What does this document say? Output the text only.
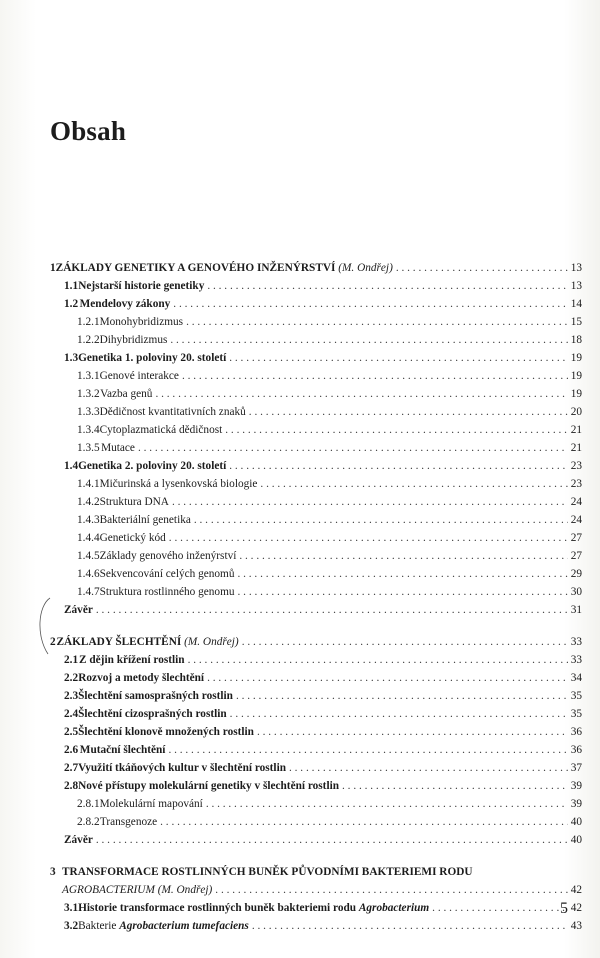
Obsah
1 ZÁKLADY GENETIKY A GENOVÉHO INŽENÝRSTVÍ
(M. Ondřej) . . .	13
1.1 Nejstarší historie genetiky . . .	13
1.2 Mendelovy zákony . . .	14
1.2.1 Monohybridizmus . . .	15
1.2.2 Dihybridizmus . . .	18
1.3 Genetika 1. poloviny 20. století . . .	19
1.3.1 Genové interakce . . .	19
1.3.2 Vazba genů . . .	19
1.3.3 Dědičnost kvantitativních znaků . . .	20
1.3.4 Cytoplazmatická dědičnost . . .	21
1.3.5 Mutace . . .	21
1.4 Genetika 2. poloviny 20. století . . .	23
1.4.1 Mičurinská a lysenkovská biologie . . .	23
1.4.2 Struktura DNA . . .	24
1.4.3 Bakteriální genetika . . .	24
1.4.4 Genetický kód . . .	27
1.4.5 Základy genového inženýrství . . .	27
1.4.6 Sekvencování celých genomů . . .	29
1.4.7 Struktura rostlinného genomu . . .	30
Závěr . . .	31
2 ZÁKLADY ŠLECHTĚNÍ
(M. Ondřej) . . .	33
2.1 Z dějin křížení rostlin . . .	33
2.2 Rozvoj a metody šlechtění . . .	34
2.3 Šlechtění samosprašných rostlin . . .	35
2.4 Šlechtění cizosprašných rostlin . . .	35
2.5 Šlechtění klonově množených rostlin . . .	36
2.6 Mutační šlechtění . . .	36
2.7 Využití tkáňových kultur v šlechtění rostlin . . .	37
2.8 Nové přístupy molekulární genetiky v šlechtění rostlin . . .	39
2.8.1 Molekulární mapování . . .	39
2.8.2 Transgenoze . . .	40
Závěr . . .	40
3 TRANSFORMACE ROSTLINNÝCH BUNĚK PŮVODNÍMI BAKTERIEMI RODU
AGROBACTERIUM
(M. Ondřej) . . .	42
3.1 Historie transformace rostlinných buněk bakteriemi rodu
Agrobacterium . . .	42
3.2 Bakterie
Agrobacterium tumefaciens . . .	43
5
